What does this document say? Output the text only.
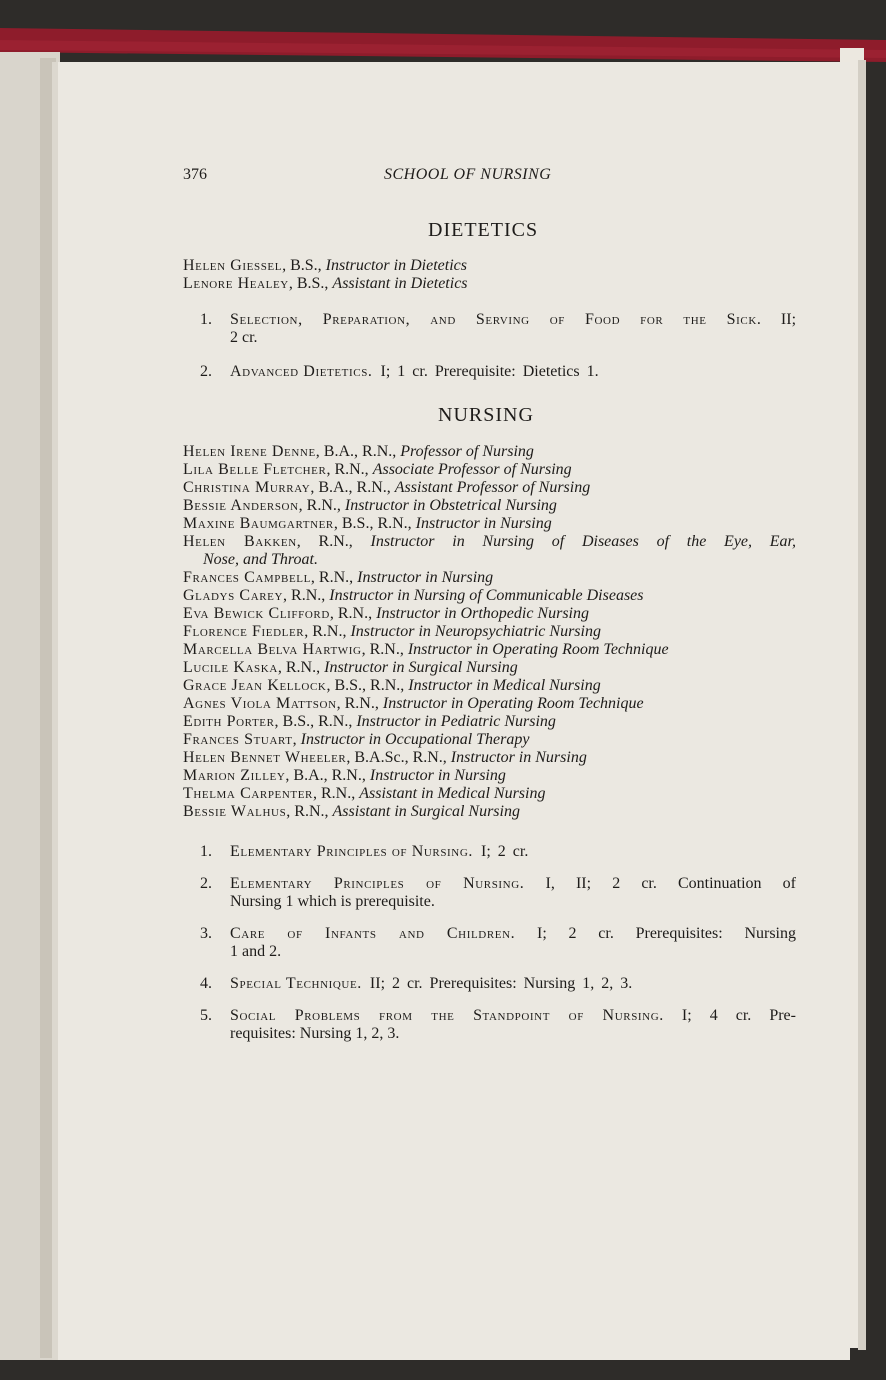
376	SCHOOL OF NURSING
DIETETICS
Helen Giessel, B.S., Instructor in Dietetics
Lenore Healey, B.S., Assistant in Dietetics
1. Selection, Preparation, and Serving of Food for the Sick. II;
2 cr.
2. Advanced Dietetics. I; 1 cr. Prerequisite: Dietetics 1.
NURSING
Helen Irene Denne, B.A., R.N., Professor of Nursing
Lila Belle Fletcher, R.N., Associate Professor of Nursing
Christina Murray, B.A., R.N., Assistant Professor of Nursing
Bessie Anderson, R.N., Instructor in Obstetrical Nursing
Maxine Baumgartner, B.S., R.N., Instructor in Nursing
Helen Bakken, R.N., Instructor in Nursing of Diseases of the Eye, Ear,
Nose, and Throat.
Frances Campbell, R.N., Instructor in Nursing
Gladys Carey, R.N., Instructor in Nursing of Communicable Diseases
Eva Bewick Clifford, R.N., Instructor in Orthopedic Nursing
Florence Fiedler, R.N., Instructor in Neuropsychiatric Nursing
Marcella Belva Hartwig, R.N., Instructor in Operating Room Technique
Lucile Kaska, R.N., Instructor in Surgical Nursing
Grace Jean Kellock, B.S., R.N., Instructor in Medical Nursing
Agnes Viola Mattson, R.N., Instructor in Operating Room Technique
Edith Porter, B.S., R.N., Instructor in Pediatric Nursing
Frances Stuart, Instructor in Occupational Therapy
Helen Bennet Wheeler, B.A.Sc., R.N., Instructor in Nursing
Marion Zilley, B.A., R.N., Instructor in Nursing
Thelma Carpenter, R.N., Assistant in Medical Nursing
Bessie Walhus, R.N., Assistant in Surgical Nursing
1. Elementary Principles of Nursing. I; 2 cr.
2. Elementary Principles of Nursing. I, II; 2 cr. Continuation of
Nursing 1 which is prerequisite.
3. Care of Infants and Children. I; 2 cr. Prerequisites: Nursing
1 and 2.
4. Special Technique. II; 2 cr. Prerequisites: Nursing 1, 2, 3.
5. Social Problems from the Standpoint of Nursing. I; 4 cr. Pre-
requisites: Nursing 1, 2, 3.
